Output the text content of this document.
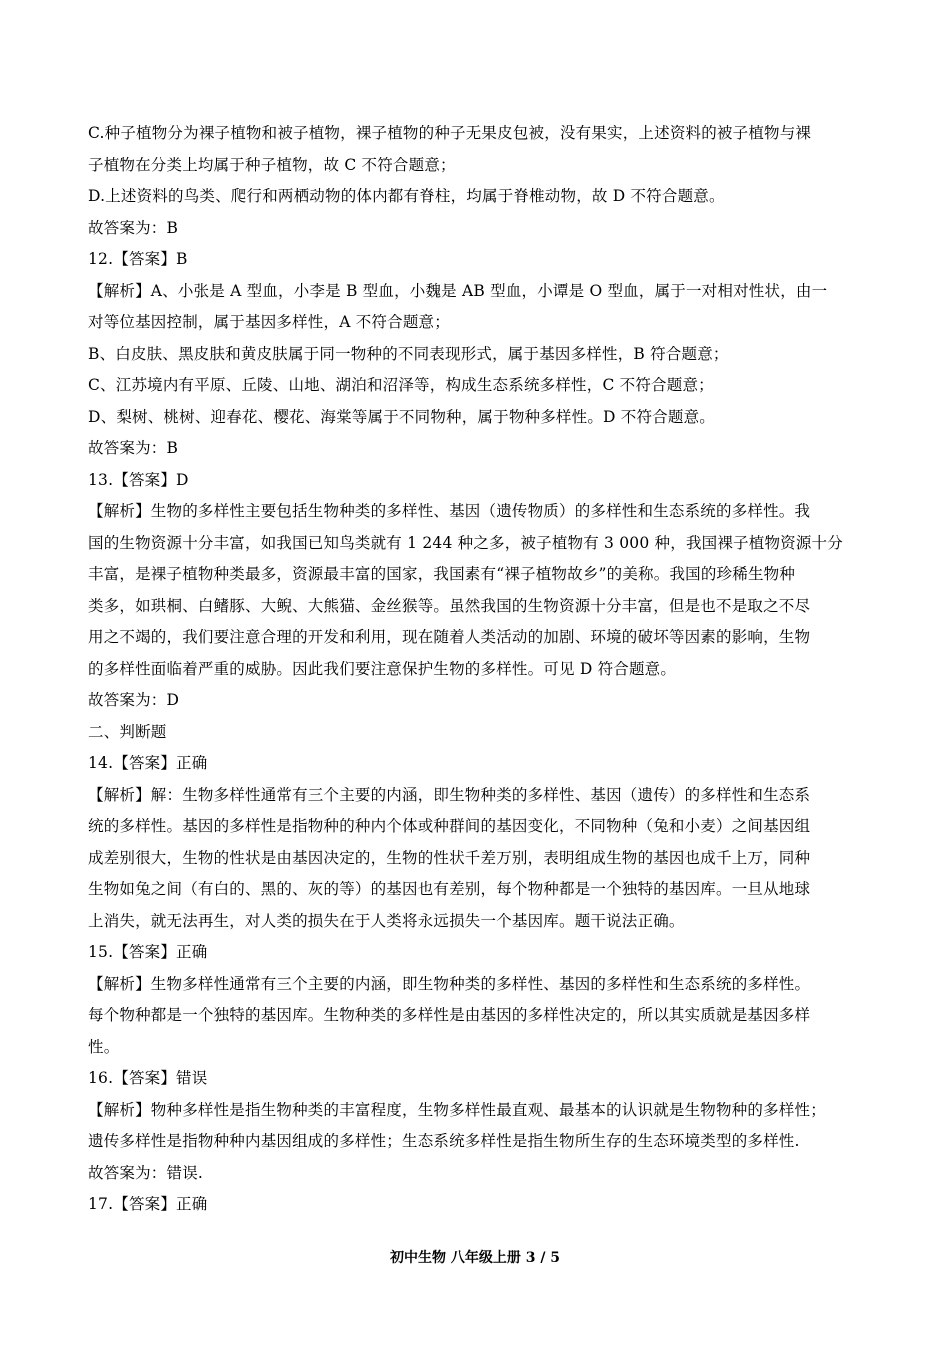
C.种子植物分为裸子植物和被子植物，裸子植物的种子无果皮包被，没有果实，上述资料的被子植物与裸
子植物在分类上均属于种子植物，故 C 不符合题意；
D.上述资料的鸟类、爬行和两栖动物的体内都有脊柱，均属于脊椎动物，故 D 不符合题意。
故答案为：B
12.【答案】B
【解析】A、小张是 A 型血，小李是 B 型血，小魏是 AB 型血，小谭是 O 型血，属于一对相对性状，由一
对等位基因控制，属于基因多样性，A 不符合题意；
B、白皮肤、黑皮肤和黄皮肤属于同一物种的不同表现形式，属于基因多样性，B 符合题意；
C、江苏境内有平原、丘陵、山地、湖泊和沼泽等，构成生态系统多样性，C 不符合题意；
D、梨树、桃树、迎春花、樱花、海棠等属于不同物种，属于物种多样性。D 不符合题意。
故答案为：B
13.【答案】D
【解析】生物的多样性主要包括生物种类的多样性、基因（遗传物质）的多样性和生态系统的多样性。我
国的生物资源十分丰富，如我国已知鸟类就有 1 244 种之多，被子植物有 3 000 种，我国裸子植物资源十分
丰富，是裸子植物种类最多，资源最丰富的国家，我国素有“裸子植物故乡”的美称。我国的珍稀生物种
类多，如珙桐、白鳍豚、大鲵、大熊猫、金丝猴等。虽然我国的生物资源十分丰富，但是也不是取之不尽
用之不竭的，我们要注意合理的开发和利用，现在随着人类活动的加剧、环境的破坏等因素的影响，生物
的多样性面临着严重的威胁。因此我们要注意保护生物的多样性。可见 D 符合题意。
故答案为：D
二、判断题
14.【答案】正确
【解析】解：生物多样性通常有三个主要的内涵，即生物种类的多样性、基因（遗传）的多样性和生态系
统的多样性。基因的多样性是指物种的种内个体或种群间的基因变化，不同物种（兔和小麦）之间基因组
成差别很大，生物的性状是由基因决定的，生物的性状千差万别，表明组成生物的基因也成千上万，同种
生物如兔之间（有白的、黑的、灰的等）的基因也有差别，每个物种都是一个独特的基因库。一旦从地球
上消失，就无法再生，对人类的损失在于人类将永远损失一个基因库。题干说法正确。
15.【答案】正确
【解析】生物多样性通常有三个主要的内涵，即生物种类的多样性、基因的多样性和生态系统的多样性。
每个物种都是一个独特的基因库。生物种类的多样性是由基因的多样性决定的，所以其实质就是基因多样
性。
16.【答案】错误
【解析】物种多样性是指生物种类的丰富程度，生物多样性最直观、最基本的认识就是生物物种的多样性；
遗传多样性是指物种种内基因组成的多样性；生态系统多样性是指生物所生存的生态环境类型的多样性.
故答案为：错误.
17.【答案】正确
初中生物 八年级上册 3 / 5
